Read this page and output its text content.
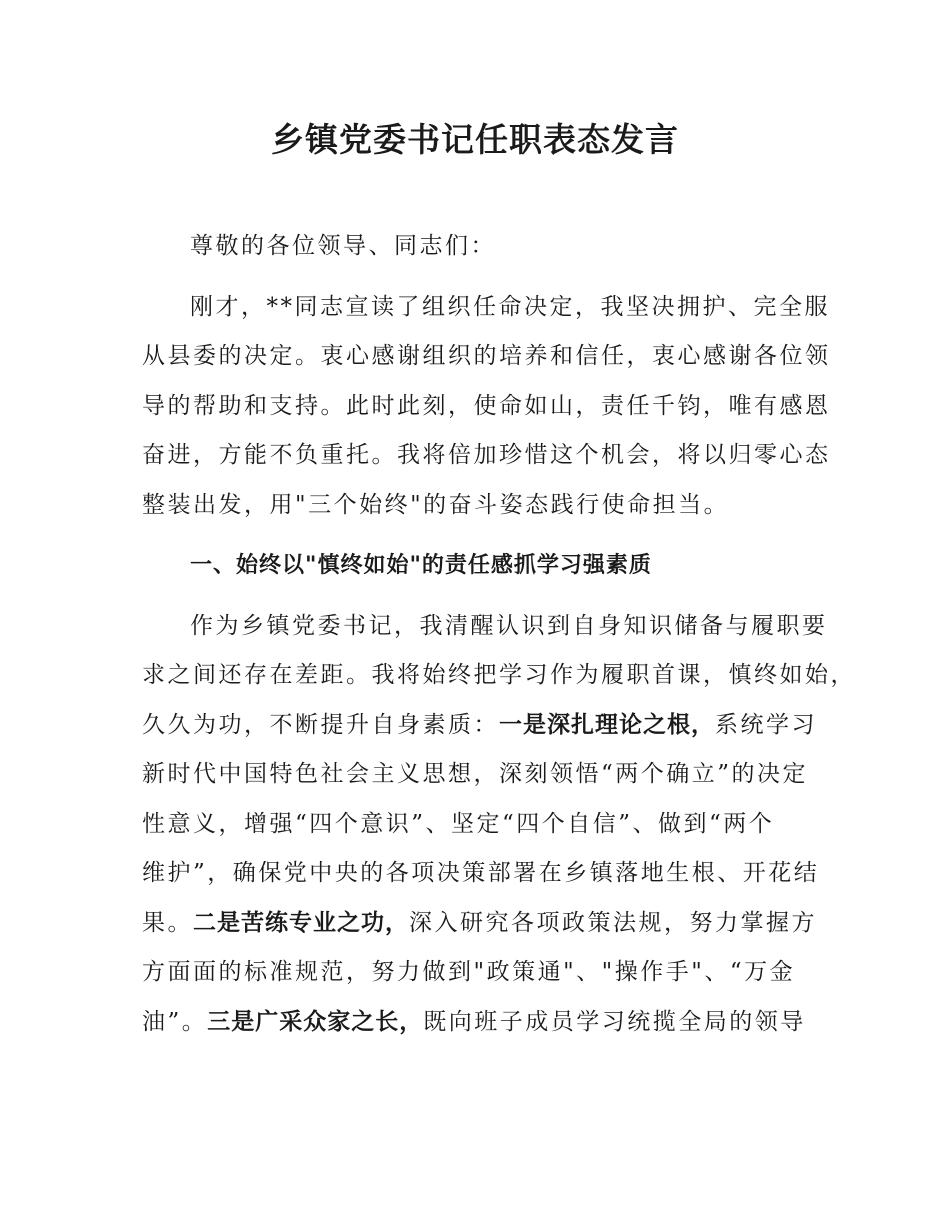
乡镇党委书记任职表态发言
尊敬的各位领导、同志们：
刚才，**同志宣读了组织任命决定，我坚决拥护、完全服
从县委的决定。衷心感谢组织的培养和信任，衷心感谢各位领
导的帮助和支持。此时此刻，使命如山，责任千钧，唯有感恩
奋进，方能不负重托。我将倍加珍惜这个机会，将以归零心态
整装出发，用"三个始终"的奋斗姿态践行使命担当。
一、始终以"慎终如始"的责任感抓学习强素质
作为乡镇党委书记，我清醒认识到自身知识储备与履职要
求之间还存在差距。我将始终把学习作为履职首课，慎终如始，
久久为功，不断提升自身素质：一是深扎理论之根，系统学习
新时代中国特色社会主义思想，深刻领悟“两个确立”的决定
性意义，增强“四个意识”、坚定“四个自信”、做到“两个
维护”，确保党中央的各项决策部署在乡镇落地生根、开花结
果。二是苦练专业之功，深入研究各项政策法规，努力掌握方
方面面的标准规范，努力做到"政策通"、"操作手"、“万金
油”。三是广采众家之长，既向班子成员学习统揽全局的领导
